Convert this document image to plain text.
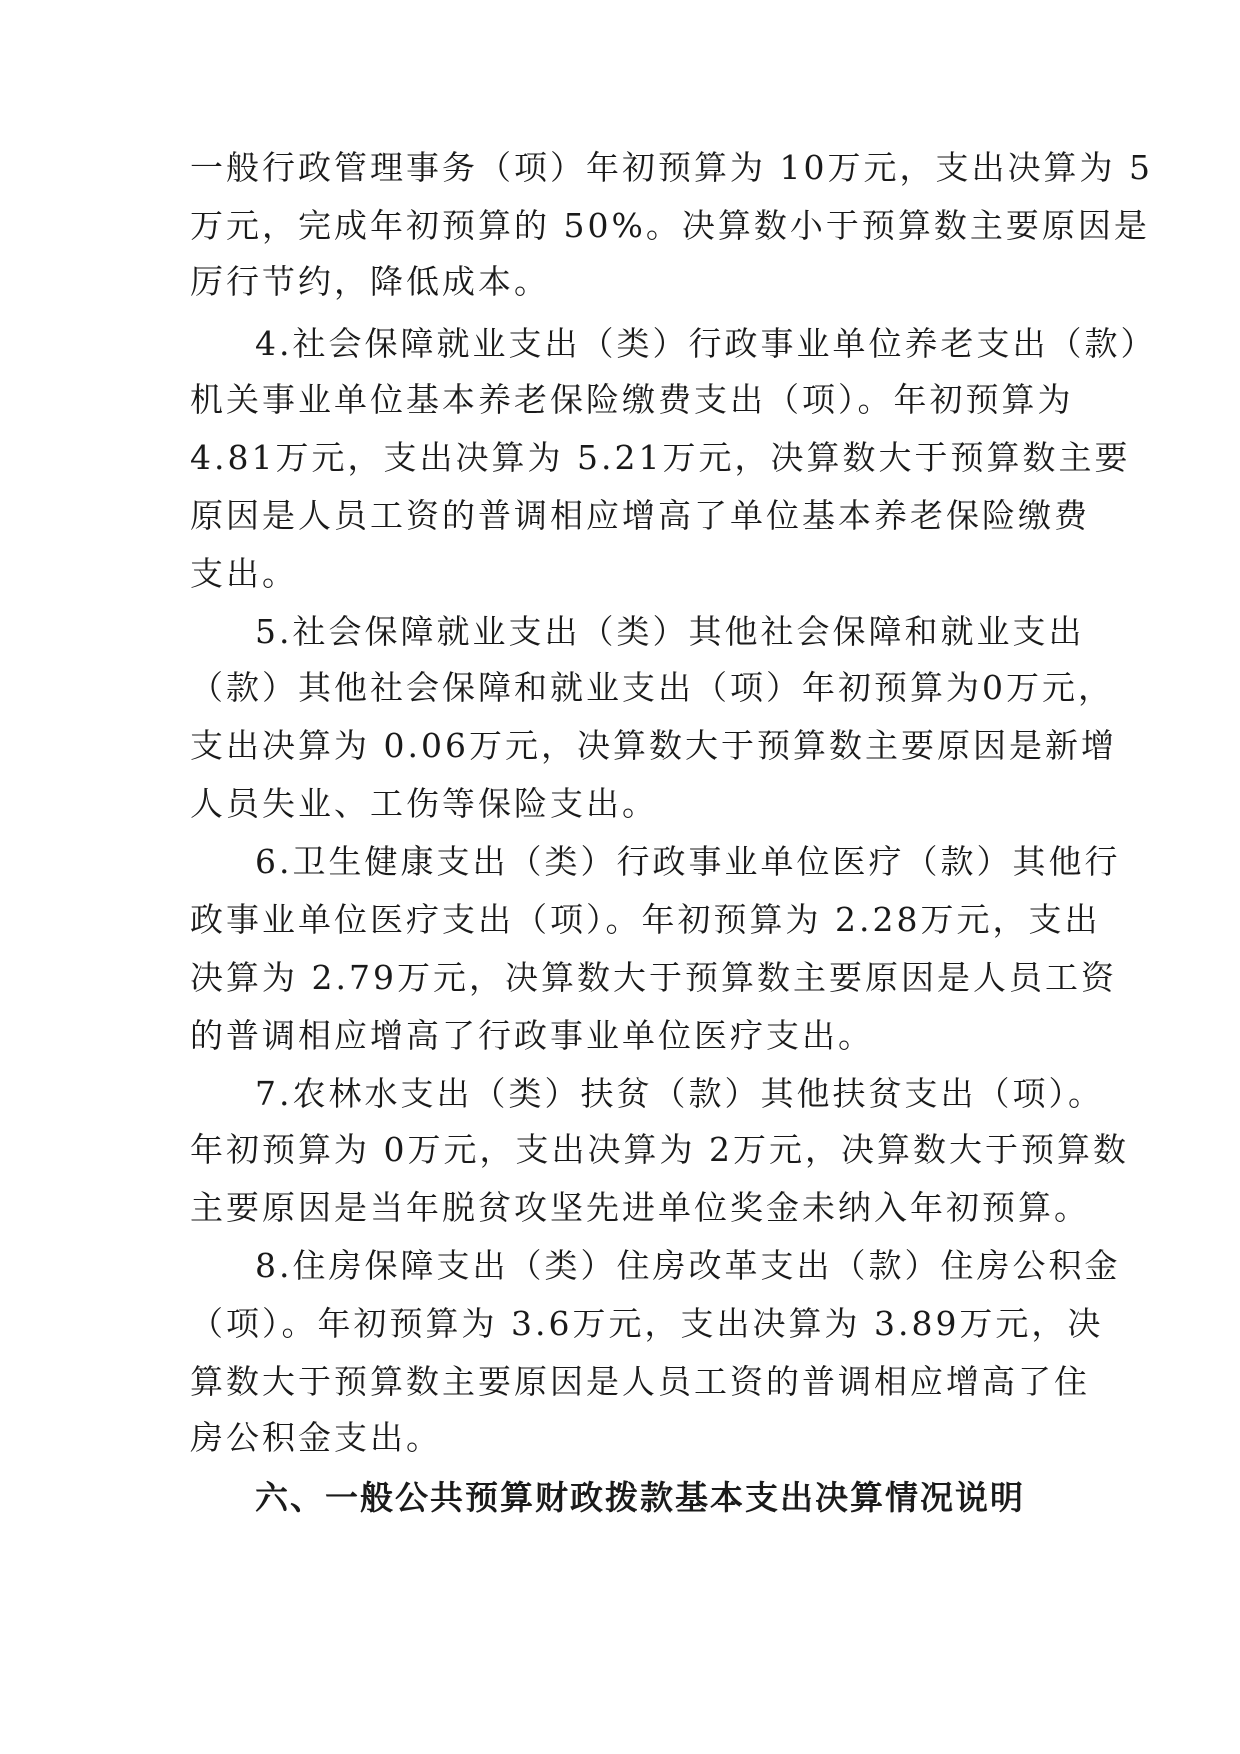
一般行政管理事务（项）年初预算为 10万元，支出决算为 5
万元，完成年初预算的 50%。决算数小于预算数主要原因是
厉行节约，降低成本。
4.社会保障就业支出（类）行政事业单位养老支出（款）
机关事业单位基本养老保险缴费支出（项）。年初预算为
4.81万元，支出决算为 5.21万元，决算数大于预算数主要
原因是人员工资的普调相应增高了单位基本养老保险缴费
支出。
5.社会保障就业支出（类）其他社会保障和就业支出
（款）其他社会保障和就业支出（项）年初预算为0万元，
支出决算为 0.06万元，决算数大于预算数主要原因是新增
人员失业、工伤等保险支出。
6.卫生健康支出（类）行政事业单位医疗（款）其他行
政事业单位医疗支出（项）。年初预算为 2.28万元，支出
决算为 2.79万元，决算数大于预算数主要原因是人员工资
的普调相应增高了行政事业单位医疗支出。
7.农林水支出（类）扶贫（款）其他扶贫支出（项）。
年初预算为 0万元，支出决算为 2万元，决算数大于预算数
主要原因是当年脱贫攻坚先进单位奖金未纳入年初预算。
8.住房保障支出（类）住房改革支出（款）住房公积金
（项）。年初预算为 3.6万元，支出决算为 3.89万元，决
算数大于预算数主要原因是人员工资的普调相应增高了住
房公积金支出。
六、一般公共预算财政拨款基本支出决算情况说明
